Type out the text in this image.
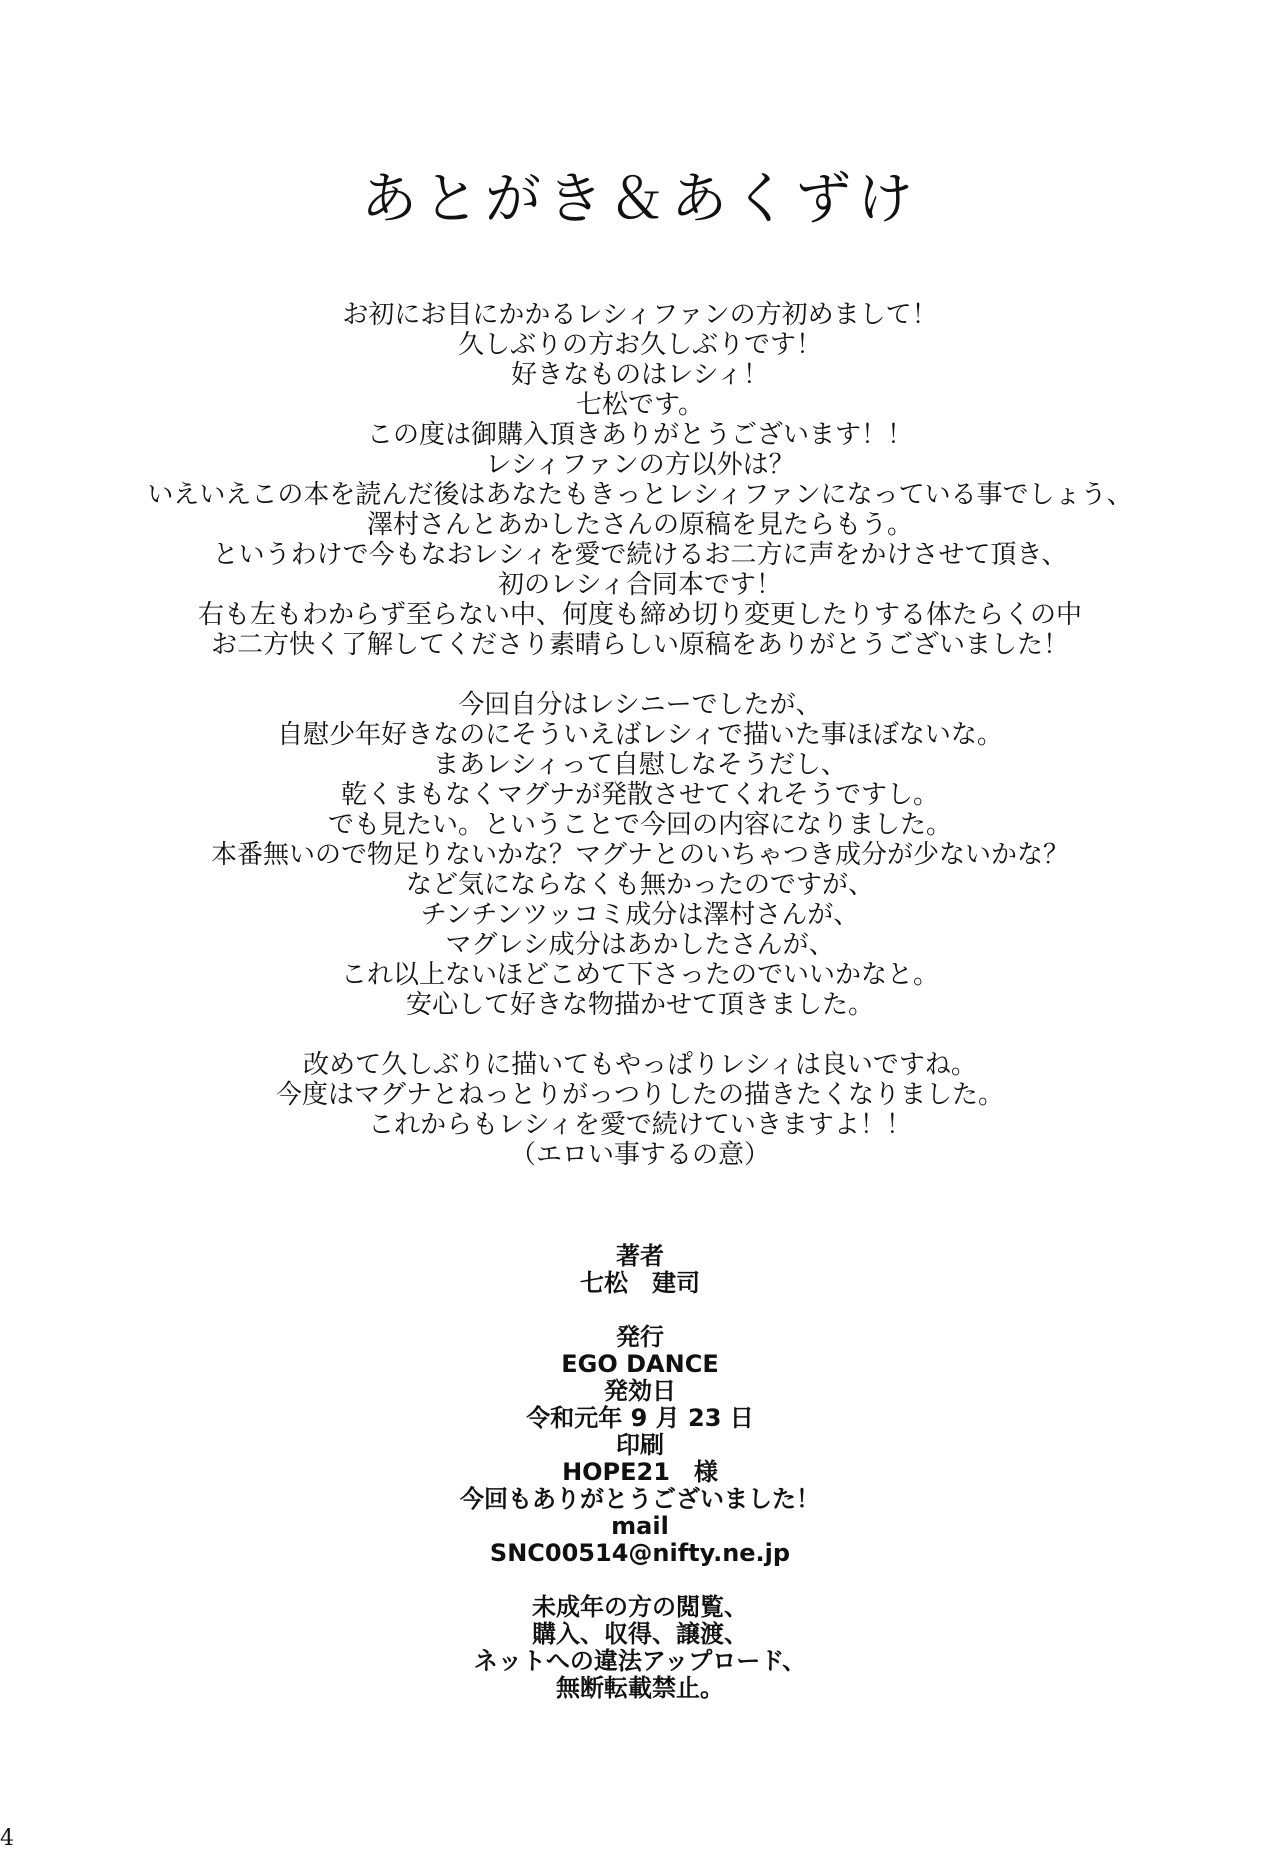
あとがき＆あくずけ
お初にお目にかかるレシィファンの方初めまして！
久しぶりの方お久しぶりです！
好きなものはレシィ！
七松です。
この度は御購入頂きありがとうございます！！
レシィファンの方以外は？
いえいえこの本を読んだ後はあなたもきっとレシィファンになっている事でしょう、
澤村さんとあかしたさんの原稿を見たらもう。
というわけで今もなおレシィを愛で続けるお二方に声をかけさせて頂き、
初のレシィ合同本です！
右も左もわからず至らない中、何度も締め切り変更したりする体たらくの中
お二方快く了解してくださり素晴らしい原稿をありがとうございました！
今回自分はレシニーでしたが、
自慰少年好きなのにそういえばレシィで描いた事ほぼないな。
まあレシィって自慰しなそうだし、
乾くまもなくマグナが発散させてくれそうですし。
でも見たい。ということで今回の内容になりました。
本番無いので物足りないかな？マグナとのいちゃつき成分が少ないかな？
など気にならなくも無かったのですが、
チンチンツッコミ成分は澤村さんが、
マグレシ成分はあかしたさんが、
これ以上ないほどこめて下さったのでいいかなと。
安心して好きな物描かせて頂きました。
改めて久しぶりに描いてもやっぱりレシィは良いですね。
今度はマグナとねっとりがっつりしたの描きたくなりました。
これからもレシィを愛で続けていきますよ！！
（エロい事するの意）
著者
七松　建司
発行
EGO DANCE
発効日
令和元年 9 月 23 日
印刷
HOPE21　様
今回もありがとうございました！
mail
SNC00514@nifty.ne.jp
未成年の方の閲覧、
購入、収得、譲渡、
ネットへの違法アップロード、
無断転載禁止。
4
